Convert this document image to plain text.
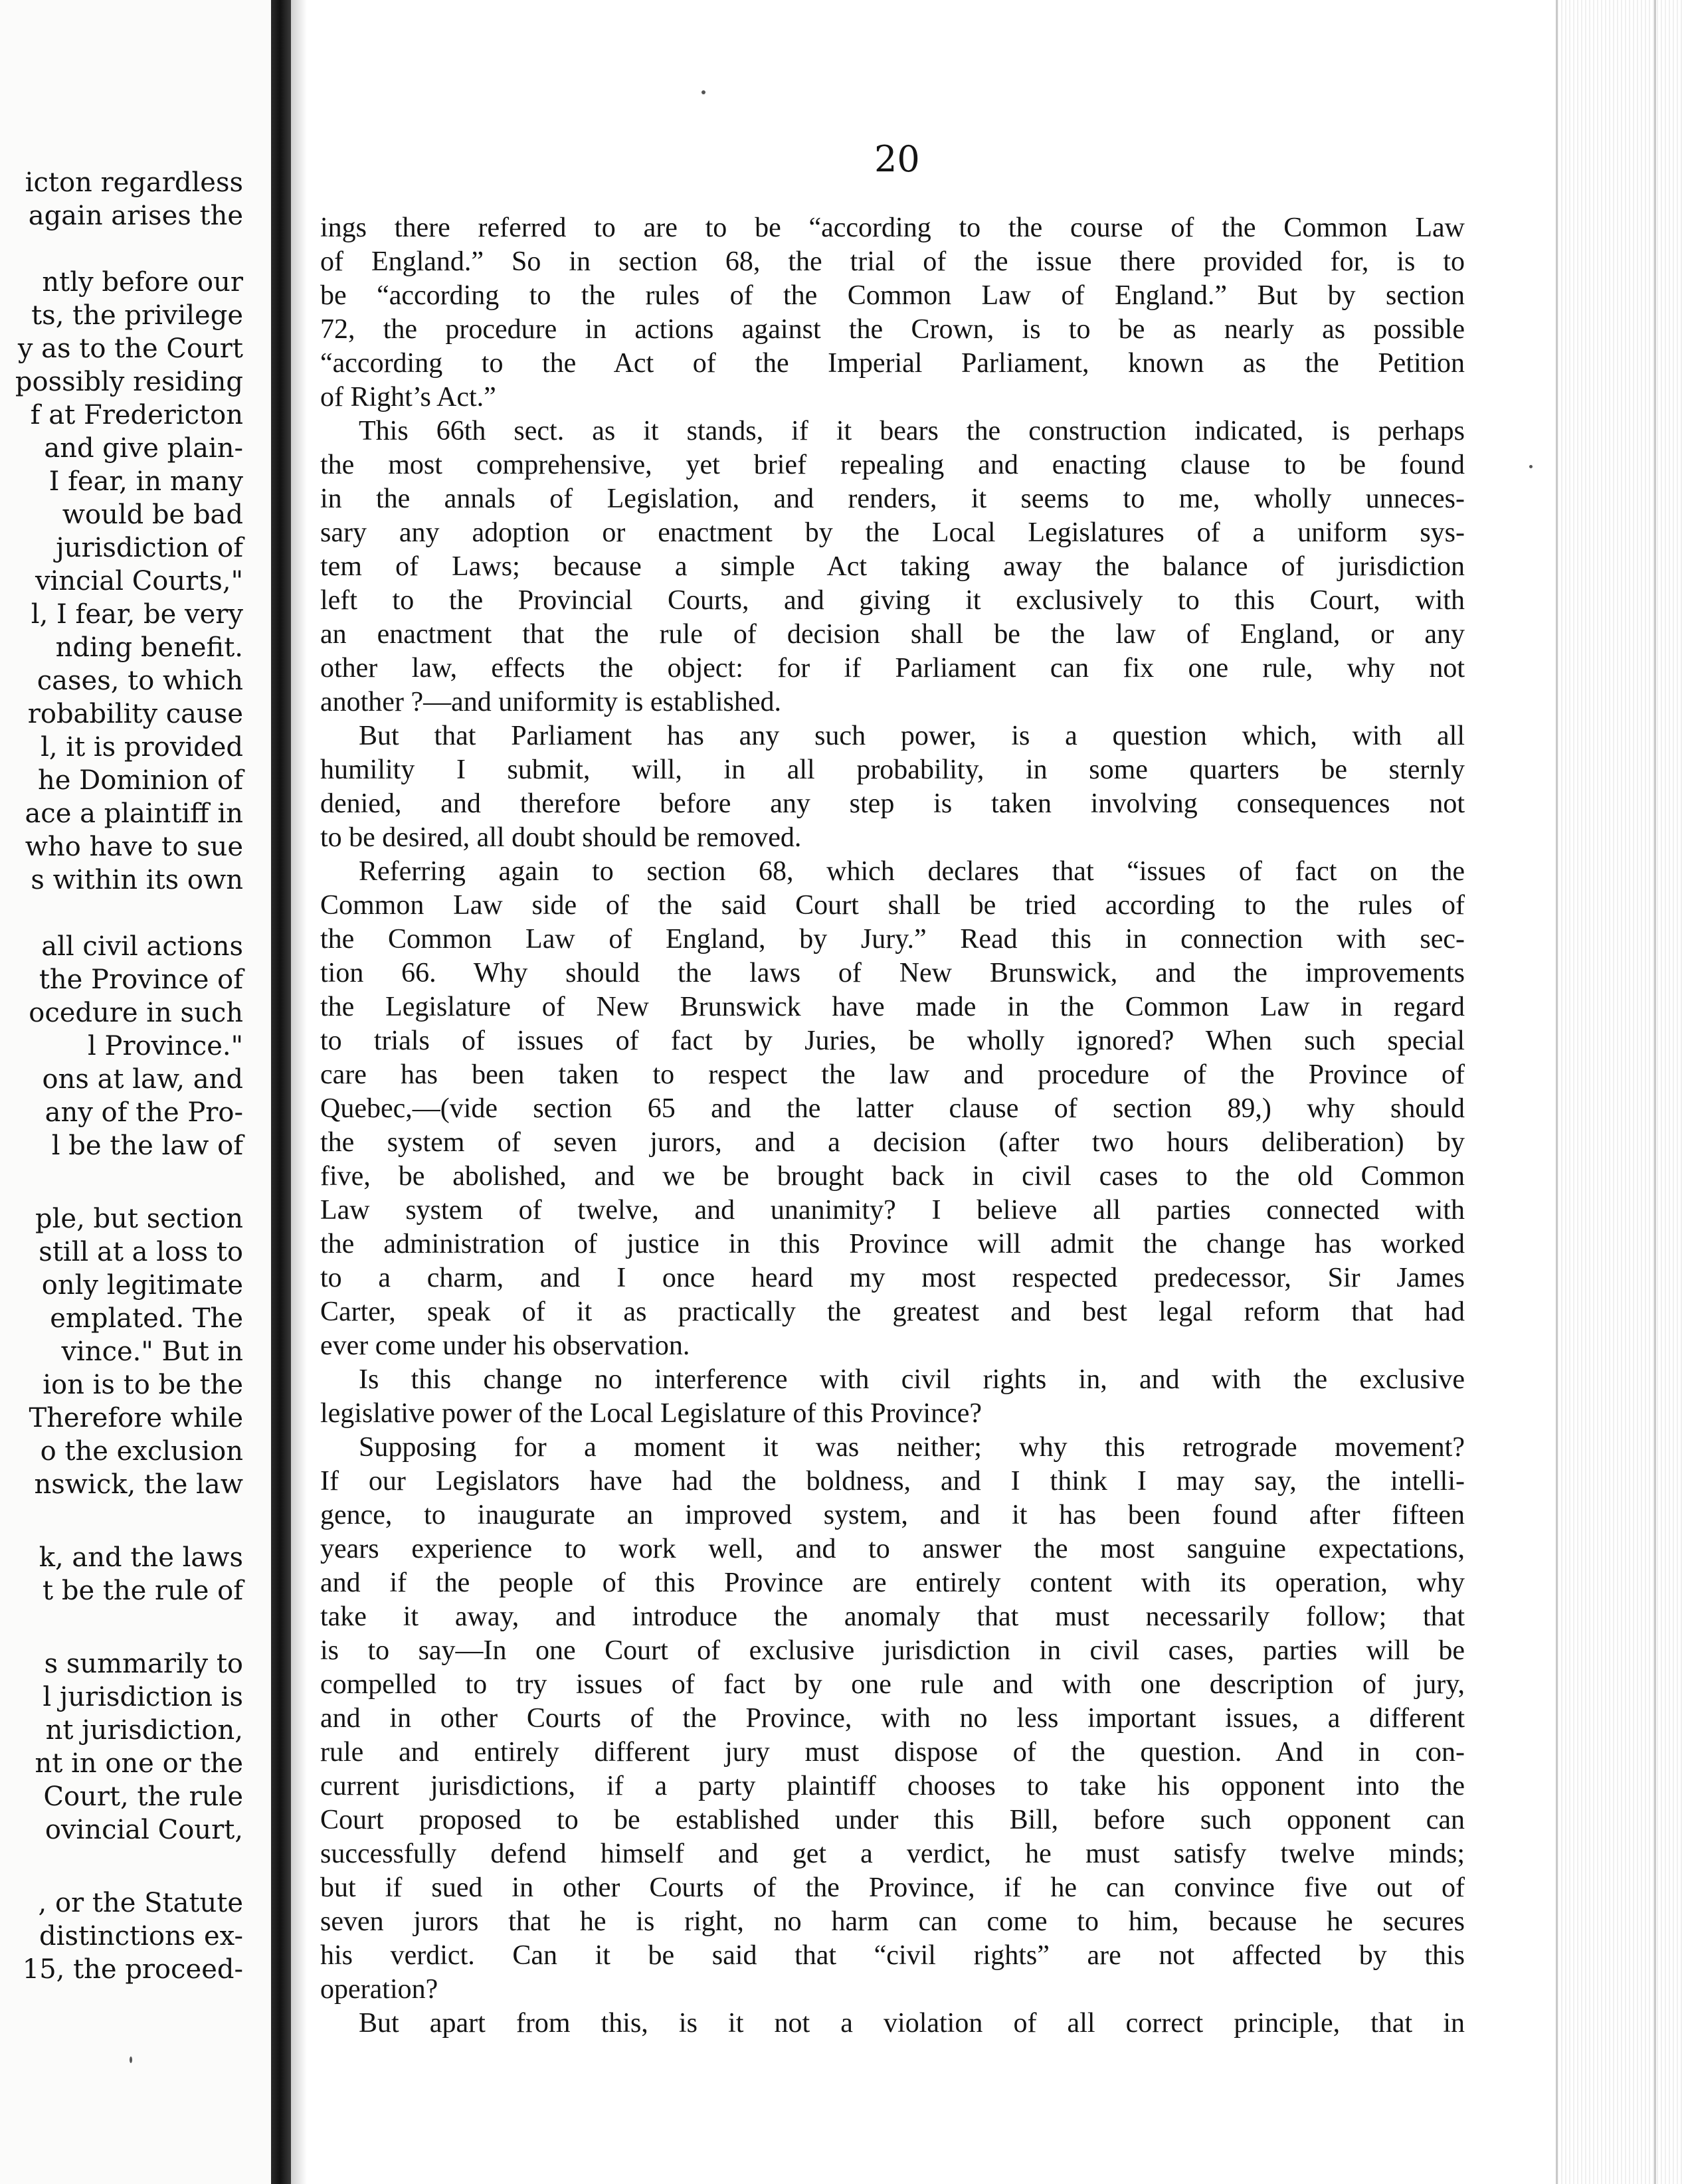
icton regardless
again arises the
ntly before our
ts, the privilege
y as to the Court
possibly residing
f at Fredericton
and give plain-
I fear, in many
would be bad
jurisdiction of
vincial Courts,"
l, I fear, be very
nding benefit.
cases, to which
robability cause
l, it is provided
he Dominion of
ace a plaintiff in
who have to sue
s within its own
all civil actions
the Province of
ocedure in such
l Province."
ons at law, and
any of the Pro-
l be the law of
ple, but section
still at a loss to
only legitimate
emplated. The
vince." But in
ion is to be the
Therefore while
o the exclusion
nswick, the law
k, and the laws
t be the rule of
s summarily to
l jurisdiction is
nt jurisdiction,
nt in one or the
Court, the rule
ovincial Court,
, or the Statute
distinctions ex-
15, the proceed-
20
ings there referred to are to be “according to the course of the Common Law
of England.” So in section 68, the trial of the issue there provided for, is to
be “according to the rules of the Common Law of England.” But by section
72, the procedure in actions against the Crown, is to be as nearly as possible
“according to the Act of the Imperial Parliament, known as the Petition
of Right’s Act.”
This 66th sect. as it stands, if it bears the construction indicated, is perhaps
the most comprehensive, yet brief repealing and enacting clause to be found
in the annals of Legislation, and renders, it seems to me, wholly unneces-
sary any adoption or enactment by the Local Legislatures of a uniform sys-
tem of Laws; because a simple Act taking away the balance of jurisdiction
left to the Provincial Courts, and giving it exclusively to this Court, with
an enactment that the rule of decision shall be the law of England, or any
other law, effects the object: for if Parliament can fix one rule, why not
another ?—and uniformity is established.
But that Parliament has any such power, is a question which, with all
humility I submit, will, in all probability, in some quarters be sternly
denied, and therefore before any step is taken involving consequences not
to be desired, all doubt should be removed.
Referring again to section 68, which declares that “issues of fact on the
Common Law side of the said Court shall be tried according to the rules of
the Common Law of England, by Jury.” Read this in connection with sec-
tion 66. Why should the laws of New Brunswick, and the improvements
the Legislature of New Brunswick have made in the Common Law in regard
to trials of issues of fact by Juries, be wholly ignored? When such special
care has been taken to respect the law and procedure of the Province of
Quebec,—(vide section 65 and the latter clause of section 89,) why should
the system of seven jurors, and a decision (after two hours deliberation) by
five, be abolished, and we be brought back in civil cases to the old Common
Law system of twelve, and unanimity? I believe all parties connected with
the administration of justice in this Province will admit the change has worked
to a charm, and I once heard my most respected predecessor, Sir James
Carter, speak of it as practically the greatest and best legal reform that had
ever come under his observation.
Is this change no interference with civil rights in, and with the exclusive
legislative power of the Local Legislature of this Province?
Supposing for a moment it was neither; why this retrograde movement?
If our Legislators have had the boldness, and I think I may say, the intelli-
gence, to inaugurate an improved system, and it has been found after fifteen
years experience to work well, and to answer the most sanguine expectations,
and if the people of this Province are entirely content with its operation, why
take it away, and introduce the anomaly that must necessarily follow; that
is to say—In one Court of exclusive jurisdiction in civil cases, parties will be
compelled to try issues of fact by one rule and with one description of jury,
and in other Courts of the Province, with no less important issues, a different
rule and entirely different jury must dispose of the question. And in con-
current jurisdictions, if a party plaintiff chooses to take his opponent into the
Court proposed to be established under this Bill, before such opponent can
successfully defend himself and get a verdict, he must satisfy twelve minds;
but if sued in other Courts of the Province, if he can convince five out of
seven jurors that he is right, no harm can come to him, because he secures
his verdict. Can it be said that “civil rights” are not affected by this
operation?
But apart from this, is it not a violation of all correct principle, that in
